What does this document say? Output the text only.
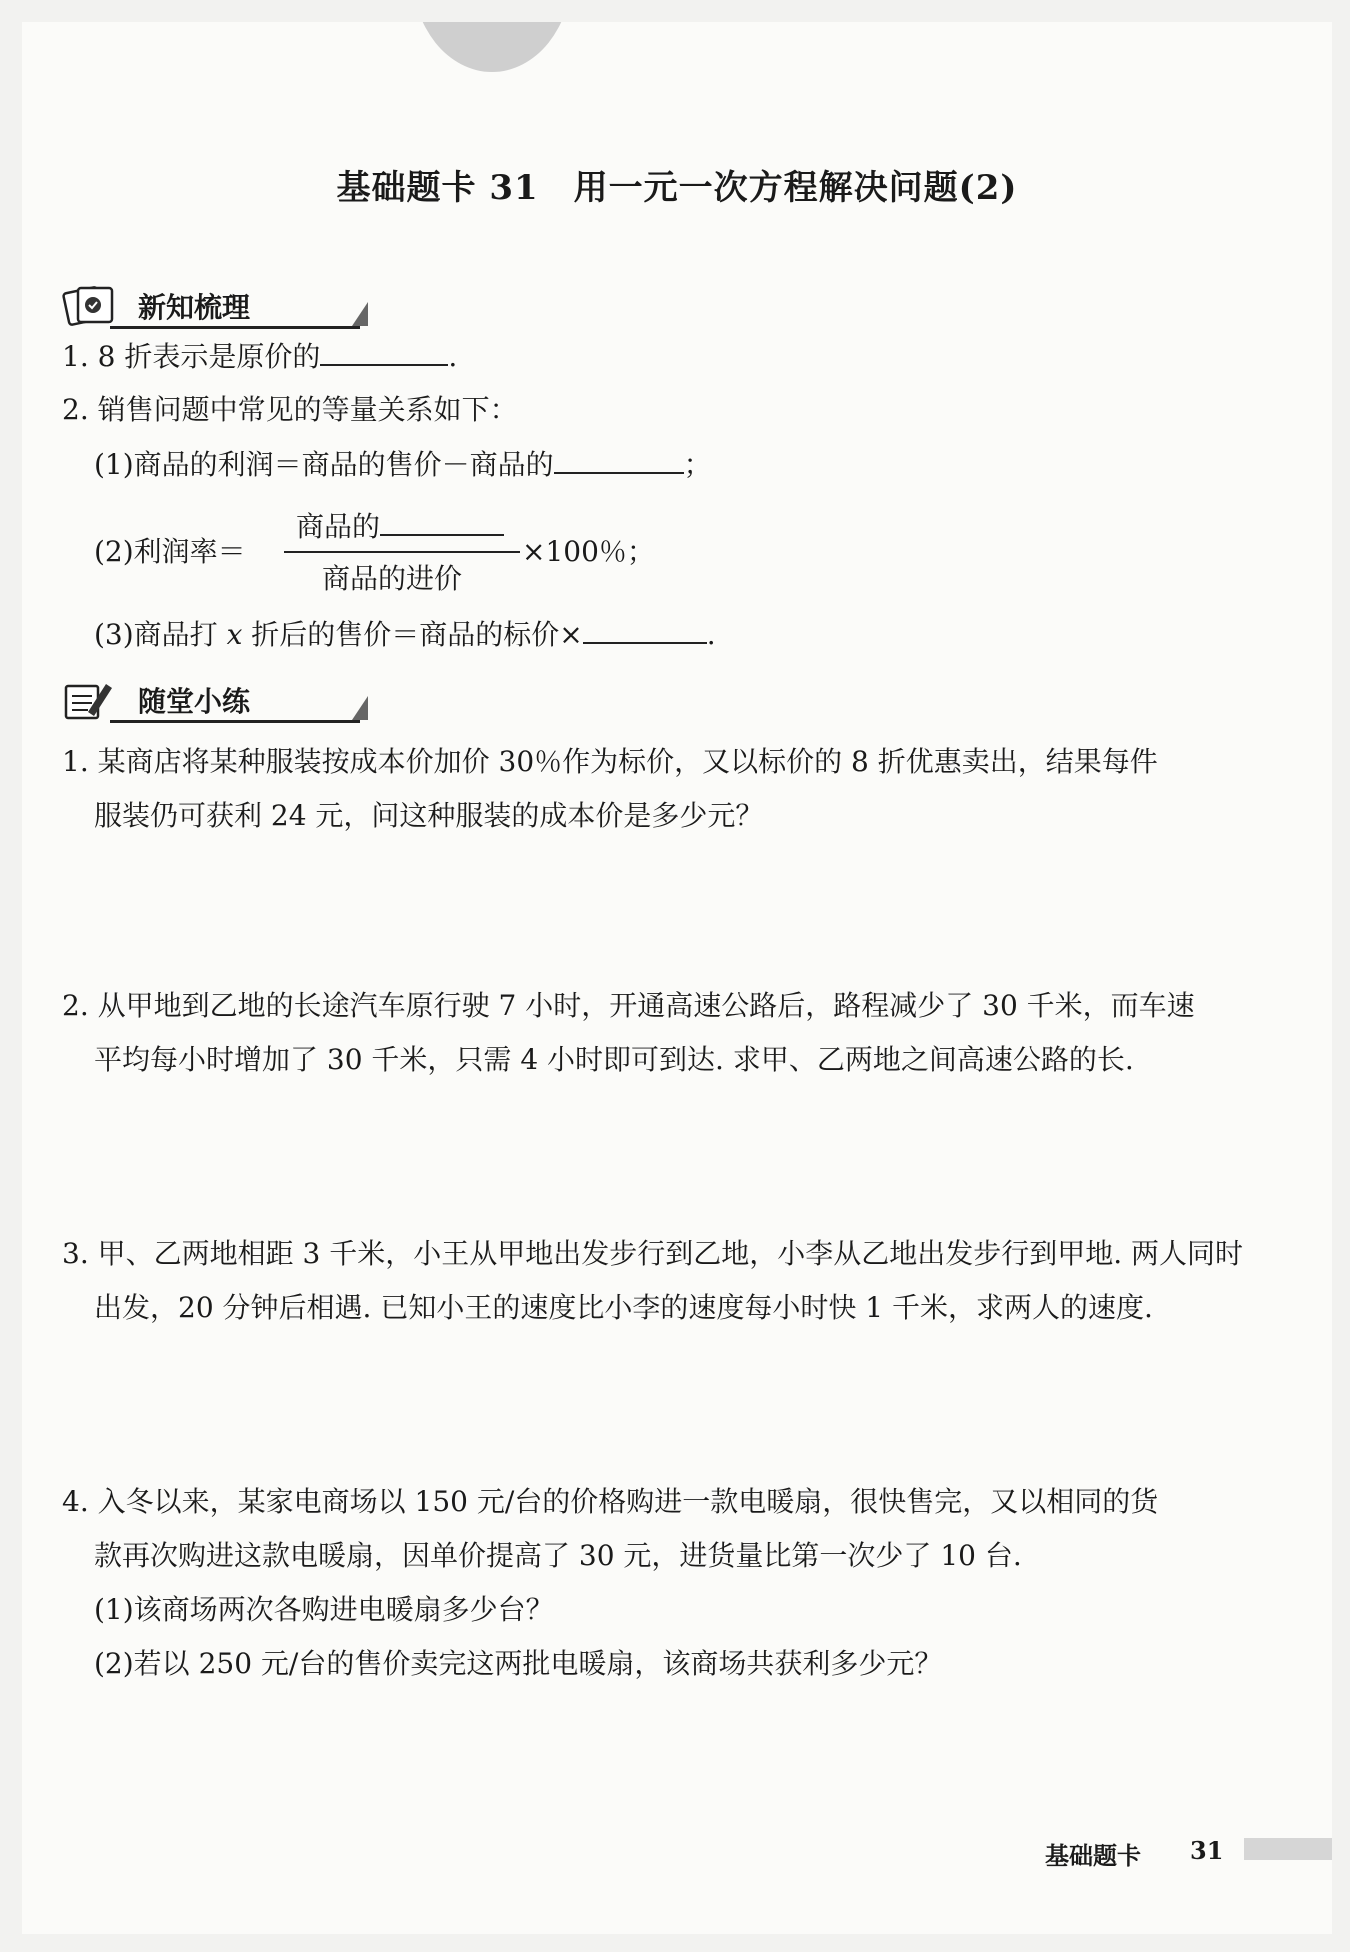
基础题卡 31　用一元一次方程解决问题(2)
新知梳理
1. 8 折表示是原价的	.
2. 销售问题中常见的等量关系如下：
(1)商品的利润＝商品的售价－商品的	；
(2)利润率＝
商品的
商品的进价
×100％；
(3)商品打 x 折后的售价＝商品的标价×	.
随堂小练
1. 某商店将某种服装按成本价加价 30％作为标价，又以标价的 8 折优惠卖出，结果每件
服装仍可获利 24 元，问这种服装的成本价是多少元？
2. 从甲地到乙地的长途汽车原行驶 7 小时，开通高速公路后，路程减少了 30 千米，而车速
平均每小时增加了 30 千米，只需 4 小时即可到达. 求甲、乙两地之间高速公路的长.
3. 甲、乙两地相距 3 千米，小王从甲地出发步行到乙地，小李从乙地出发步行到甲地. 两人同时
出发，20 分钟后相遇. 已知小王的速度比小李的速度每小时快 1 千米，求两人的速度.
4. 入冬以来，某家电商场以 150 元/台的价格购进一款电暖扇，很快售完，又以相同的货
款再次购进这款电暖扇，因单价提高了 30 元，进货量比第一次少了 10 台.
(1)该商场两次各购进电暖扇多少台？
(2)若以 250 元/台的售价卖完这两批电暖扇，该商场共获利多少元？
基础题卡 31
